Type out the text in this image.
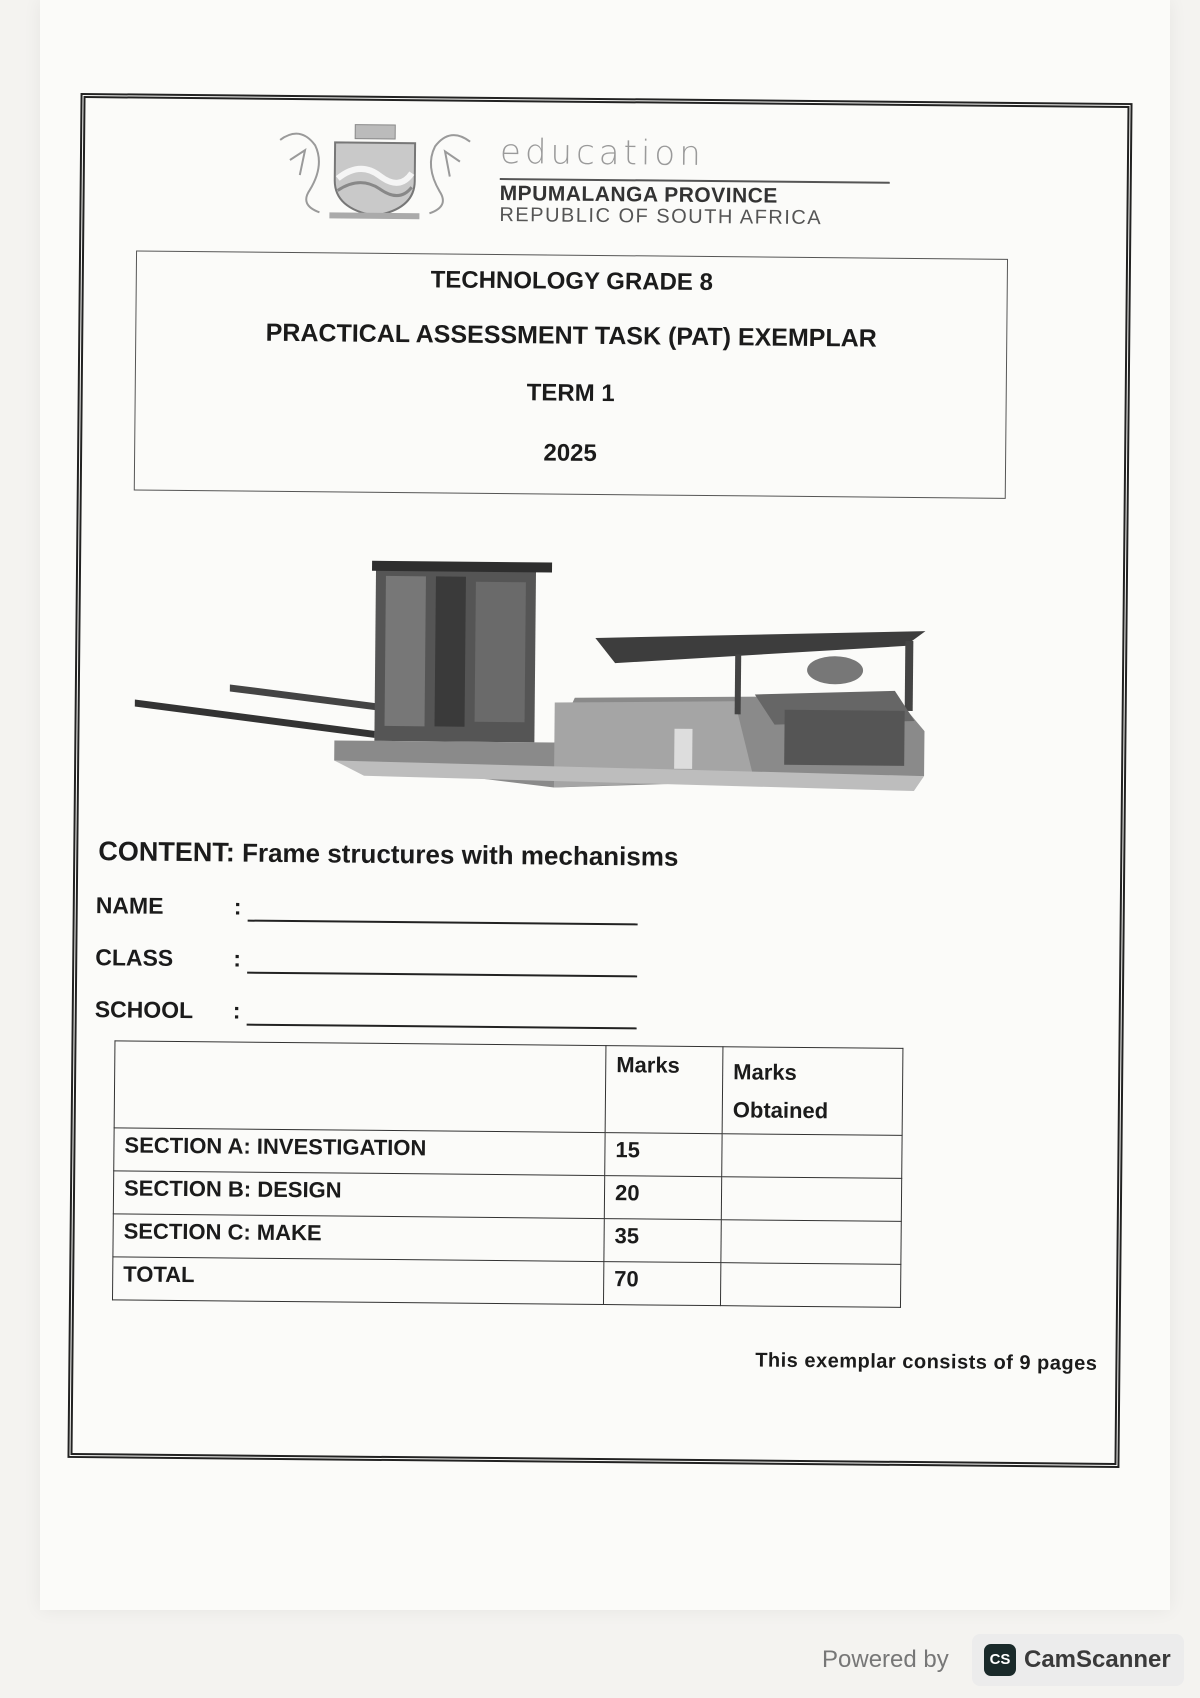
education
MPUMALANGA PROVINCE
REPUBLIC OF SOUTH AFRICA
TECHNOLOGY GRADE 8
PRACTICAL ASSESSMENT TASK (PAT) EXEMPLAR
TERM 1
2025
CONTENT: Frame structures with mechanisms
NAME	:
CLASS	:
SCHOOL :
	Marks	Marks
Obtained

SECTION A: INVESTIGATION	15	
SECTION B: DESIGN	20	
SECTION C: MAKE	35	
TOTAL	70	
This exemplar consists of 9 pages
Powered by	CS CamScanner
